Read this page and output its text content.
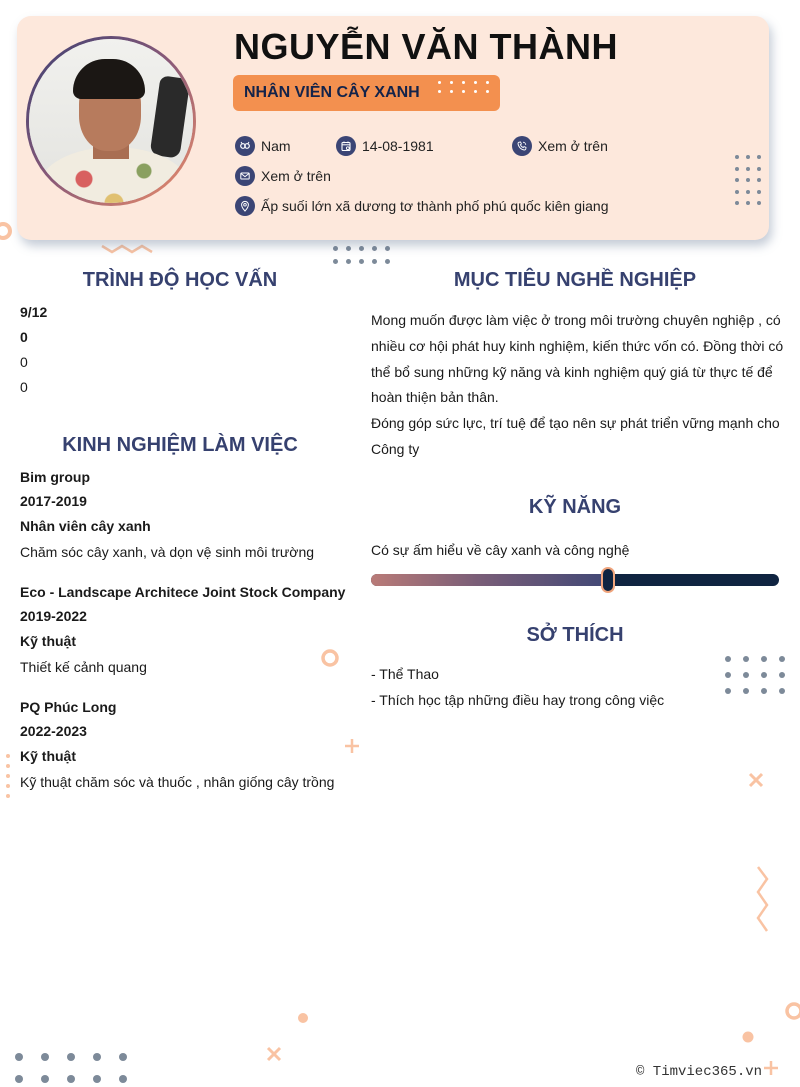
NGUYỄN VĂN THÀNH
NHÂN VIÊN CÂY XANH
Nam	14-08-1981	Xem ở trên
Xem ở trên
Ấp suối lớn xã dương tơ thành phố phú quốc kiên giang
TRÌNH ĐỘ HỌC VẤN
9/12
0
0
0
KINH NGHIỆM LÀM VIỆC
Bim group
2017-2019
Nhân viên cây xanh
Chăm sóc cây xanh, và dọn vệ sinh môi trường
Eco - Landscape Architece Joint Stock Company
2019-2022
Kỹ thuật
Thiết kế cảnh quang
PQ Phúc Long
2022-2023
Kỹ thuật
Kỹ thuật chăm sóc và thuốc , nhân giống cây trồng
MỤC TIÊU NGHỀ NGHIỆP
Mong muốn được làm việc ở trong môi trường chuyên nghiệp , có
nhiều cơ hội phát huy kinh nghiệm, kiến thức vốn có. Đồng thời có
thể bổ sung những kỹ năng và kinh nghiệm quý giá từ thực tế để
hoàn thiện bản thân.
Đóng góp sức lực, trí tuệ để tạo nên sự phát triển vững mạnh cho
Công ty
KỸ NĂNG
Có sự ấm hiểu về cây xanh và công nghệ
SỞ THÍCH
- Thể Thao
- Thích học tập những điều hay trong công việc
© Timviec365.vn
